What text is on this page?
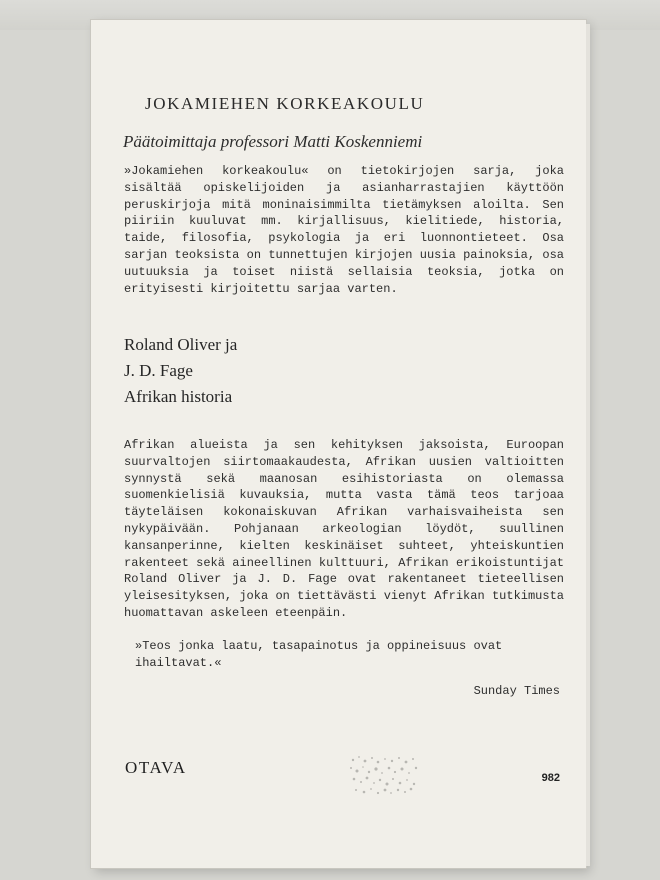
JOKAMIEHEN KORKEAKOULU

Päätoimittaja professori Matti Koskenniemi

»Jokamiehen korkeakoulu« on tietokirjojen sarja, joka sisältää opiskelijoiden ja asianharrastajien käyttöön peruskirjoja mitä moninaisimmilta tietämyksen aloilta. Sen piiriin kuuluvat mm. kirjallisuus, kielitiede, historia, taide, filosofia, psykologia ja eri luonnontieteet. Osa sarjan teoksista on tunnettujen kirjojen uusia painoksia, osa uutuuksia ja toiset niistä sellaisia teoksia, jotka on erityisesti kirjoitettu sarjaa varten.

Roland Oliver ja
J. D. Fage
Afrikan historia

Afrikan alueista ja sen kehityksen jaksoista, Euroopan suurvaltojen siirtomaakaudesta, Afrikan uusien valtioitten synnystä sekä maanosan esihistoriasta on olemassa suomenkielisiä kuvauksia, mutta vasta tämä teos tarjoaa täyteläisen kokonaiskuvan Afrikan varhaisvaiheista sen nykypäivään. Pohjanaan arkeologian löydöt, suullinen kansanperinne, kielten keskinäiset suhteet, yhteiskuntien rakenteet sekä aineellinen kulttuuri, Afrikan erikoistuntijat Roland Oliver ja J. D. Fage ovat rakentaneet tieteellisen yleisesityksen, joka on tiettävästi vienyt Afrikan tutkimusta huomattavan askeleen eteenpäin.

»Teos jonka laatu, tasapainotus ja oppineisuus ovat ihailtavat.«

Sunday Times

OTAVA

982
